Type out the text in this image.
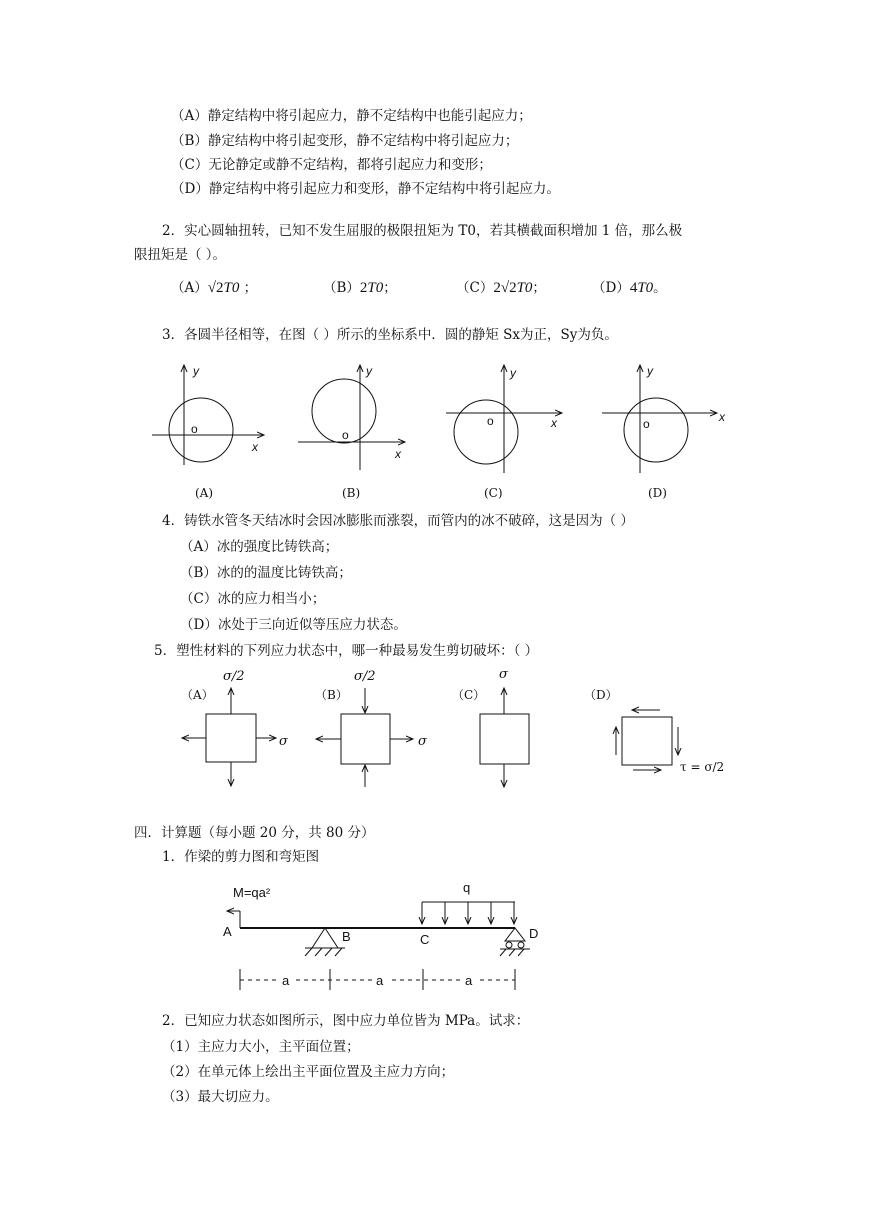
（A）静定结构中将引起应力，静不定结构中也能引起应力；
（B）静定结构中将引起变形，静不定结构中将引起应力；
（C）无论静定或静不定结构，都将引起应力和变形；
（D）静定结构中将引起应力和变形，静不定结构中将引起应力。
2．实心圆轴扭转，已知不发生屈服的极限扭矩为 T0，若其横截面积增加 1 倍，那么极
限扭矩是（ ）。
（A）√2T0 ；	（B）2T0；	（C）2√2T0；	（D）4T0。
3．各圆半径相等，在图（ ）所示的坐标系中．圆的静矩 Sx为正，Sy为负。
o
y
x
(A)
o
y
x
(B)
o
y
x
(C)
o
y
x
(D)
4．铸铁水管冬天结冰时会因冰膨胀而涨裂，而管内的冰不破碎，这是因为（ ）
（A）冰的强度比铸铁高；
（B）冰的的温度比铸铁高；
（C）冰的应力相当小；
（D）冰处于三向近似等压应力状态。
5．塑性材料的下列应力状态中，哪一种最易发生剪切破坏：（ ）
（A）
σ/2
σ
（B）
σ/2
σ
（C）
σ
（D）
τ = σ/2
四．计算题（每小题 20 分，共 80 分）
1．作梁的剪力图和弯矩图
M=qa²
A	B	C
q
D
a	a	a
2．已知应力状态如图所示，图中应力单位皆为 MPa。试求：
（1）主应力大小，主平面位置；
（2）在单元体上绘出主平面位置及主应力方向；
（3）最大切应力。
